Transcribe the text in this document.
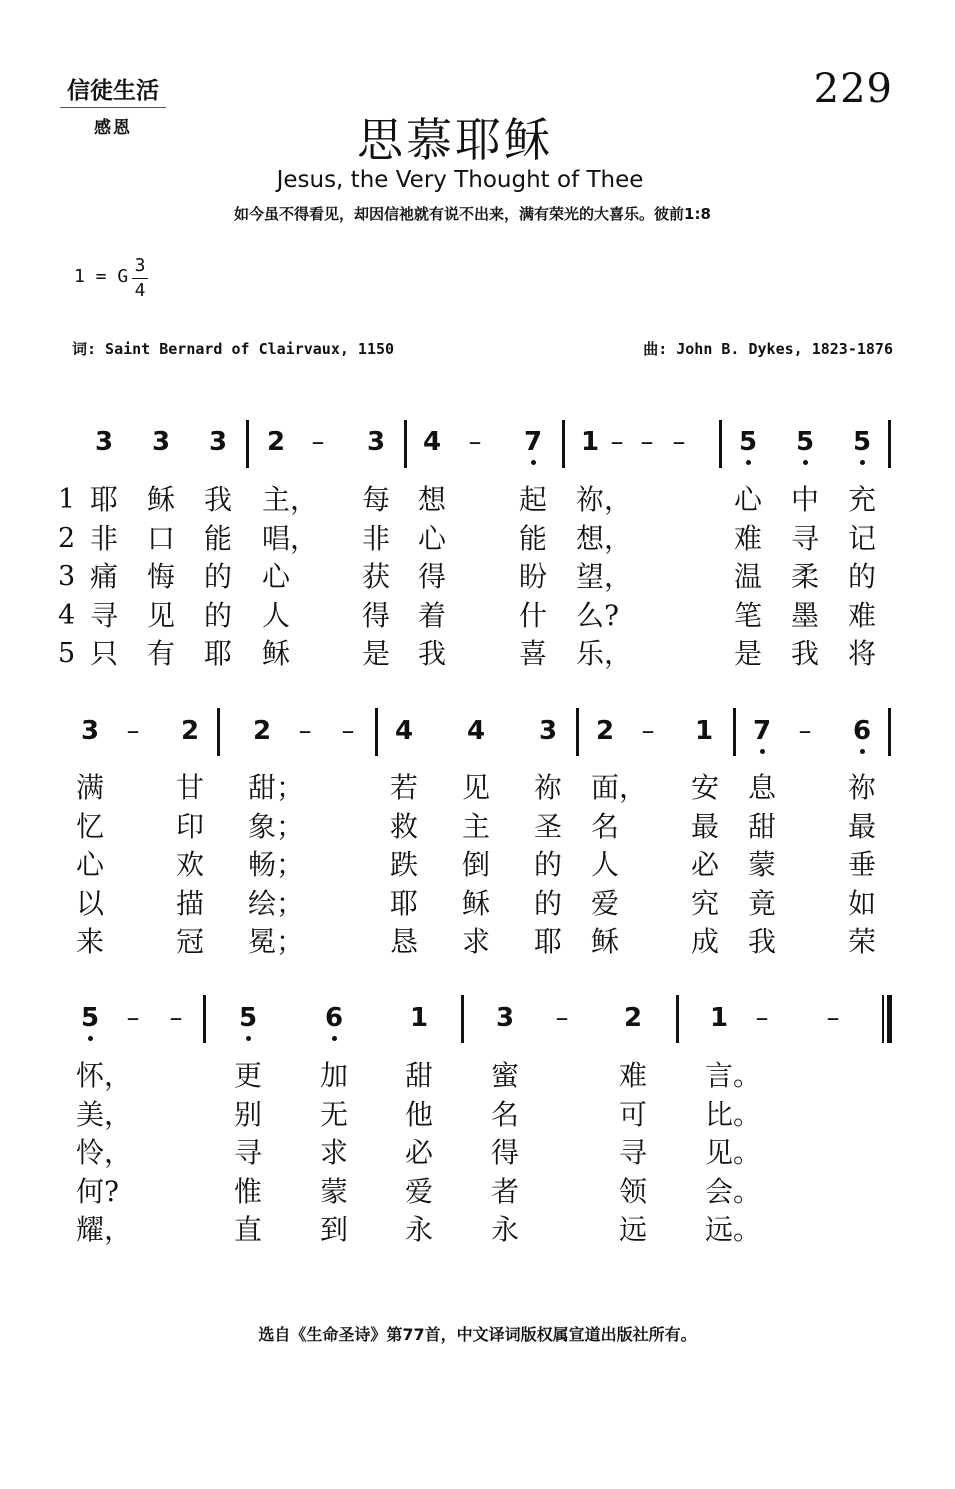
信徒生活
感恩
229
思慕耶稣
Jesus, the Very Thought of Thee
如今虽不得看见，却因信祂就有说不出来，满有荣光的大喜乐。彼前1:8
1 = G
3
4
词: Saint Bernard of Clairvaux, 1150	曲: John B. Dykes, 1823-1876
3 3 3 2	–	3 4	–	7 1 – – –	5 5 5
1 耶	稣	我	主， 每 想	起	祢，	心	中	充
2 非	口	能	唱， 非 心	能	想，	难	寻	记
3 痛	悔	的	心	获 得	盼	望，	温	柔	的
4 寻	见	的	人	得 着	什	么?	笔	墨	难
5 只	有	耶	稣	是 我	喜	乐，	是	我	将
3	–	2 2	–	–	4 4 3 2	–	1 7	–	6
满	甘	甜；	若	见	祢	面， 安	息	祢
忆	印	象；	救	主	圣	名	最	甜	最
心	欢	畅；	跌	倒	的	人	必	蒙	垂
以	描	绘；	耶	稣	的	爱	究	竟	如
来	冠	冕；	恳	求	耶	稣	成	我	荣
5	–	–	5	6	1	3	–	2	1	–	–
怀，	更	加	甜	蜜	难	言。
美，	别	无	他	名	可	比。
怜，	寻	求	必	得	寻	见。
何?	惟	蒙	爱	者	领	会。
耀，	直	到	永	永	远	远。
选自《生命圣诗》第77首，中文译词版权属宣道出版社所有。
